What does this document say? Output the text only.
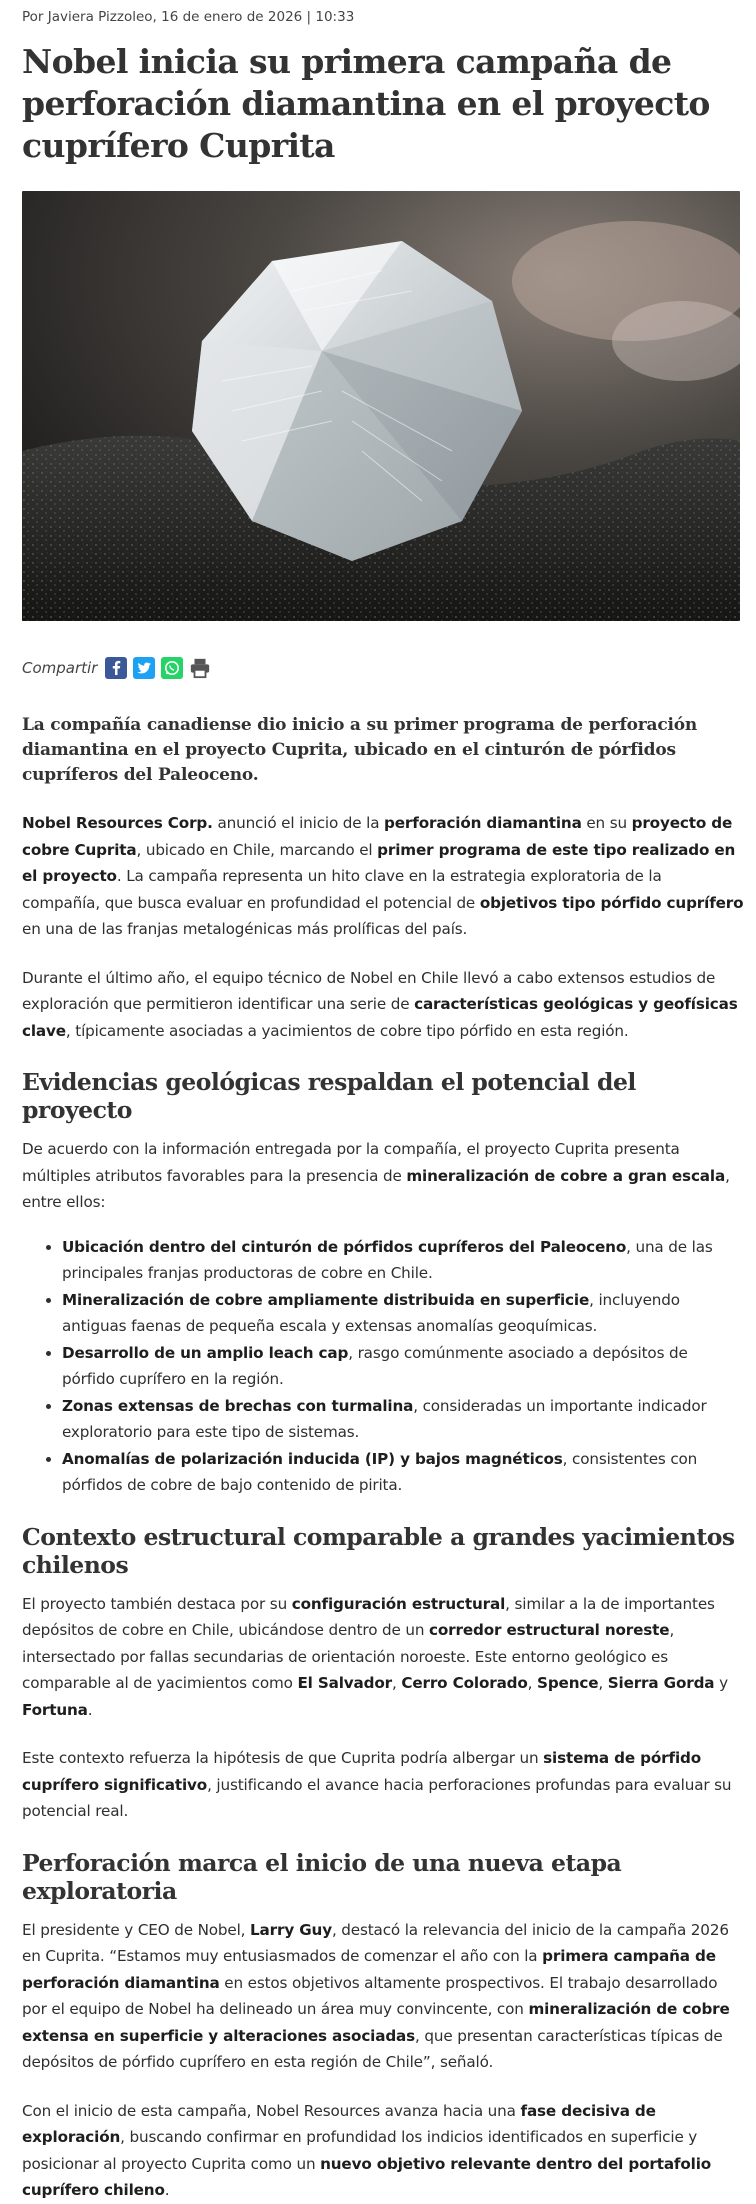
Por Javiera Pizzoleo, 16 de enero de 2026 | 10:33
Nobel inicia su primera campaña de perforación diamantina en el proyecto cuprífero Cuprita
Compartir

La compañía canadiense dio inicio a su primer programa de perforación diamantina en el proyecto Cuprita, ubicado en el cinturón de pórfidos cupríferos del Paleoceno.

Nobel Resources Corp. anunció el inicio de la perforación diamantina en su proyecto de cobre Cuprita, ubicado en Chile, marcando el primer programa de este tipo realizado en el proyecto. La campaña representa un hito clave en la estrategia exploratoria de la compañía, que busca evaluar en profundidad el potencial de objetivos tipo pórfido cuprífero en una de las franjas metalogénicas más prolíficas del país.

Durante el último año, el equipo técnico de Nobel en Chile llevó a cabo extensos estudios de exploración que permitieron identificar una serie de características geológicas y geofísicas clave, típicamente asociadas a yacimientos de cobre tipo pórfido en esta región.

Evidencias geológicas respaldan el potencial del proyecto

De acuerdo con la información entregada por la compañía, el proyecto Cuprita presenta múltiples atributos favorables para la presencia de mineralización de cobre a gran escala, entre ellos:

• Ubicación dentro del cinturón de pórfidos cupríferos del Paleoceno, una de las principales franjas productoras de cobre en Chile.
• Mineralización de cobre ampliamente distribuida en superficie, incluyendo antiguas faenas de pequeña escala y extensas anomalías geoquímicas.
• Desarrollo de un amplio leach cap, rasgo comúnmente asociado a depósitos de pórfido cuprífero en la región.
• Zonas extensas de brechas con turmalina, consideradas un importante indicador exploratorio para este tipo de sistemas.
• Anomalías de polarización inducida (IP) y bajos magnéticos, consistentes con pórfidos de cobre de bajo contenido de pirita.
Contexto estructural comparable a grandes yacimientos chilenos

El proyecto también destaca por su configuración estructural, similar a la de importantes depósitos de cobre en Chile, ubicándose dentro de un corredor estructural noreste, intersectado por fallas secundarias de orientación noroeste. Este entorno geológico es comparable al de yacimientos como El Salvador, Cerro Colorado, Spence, Sierra Gorda y Fortuna.

Este contexto refuerza la hipótesis de que Cuprita podría albergar un sistema de pórfido cuprífero significativo, justificando el avance hacia perforaciones profundas para evaluar su potencial real.

Perforación marca el inicio de una nueva etapa exploratoria

El presidente y CEO de Nobel, Larry Guy, destacó la relevancia del inicio de la campaña 2026 en Cuprita. “Estamos muy entusiasmados de comenzar el año con la primera campaña de perforación diamantina en estos objetivos altamente prospectivos. El trabajo desarrollado por el equipo de Nobel ha delineado un área muy convincente, con mineralización de cobre extensa en superficie y alteraciones asociadas, que presentan características típicas de depósitos de pórfido cuprífero en esta región de Chile”, señaló.

Con el inicio de esta campaña, Nobel Resources avanza hacia una fase decisiva de exploración, buscando confirmar en profundidad los indicios identificados en superficie y posicionar al proyecto Cuprita como un nuevo objetivo relevante dentro del portafolio cuprífero chileno.
